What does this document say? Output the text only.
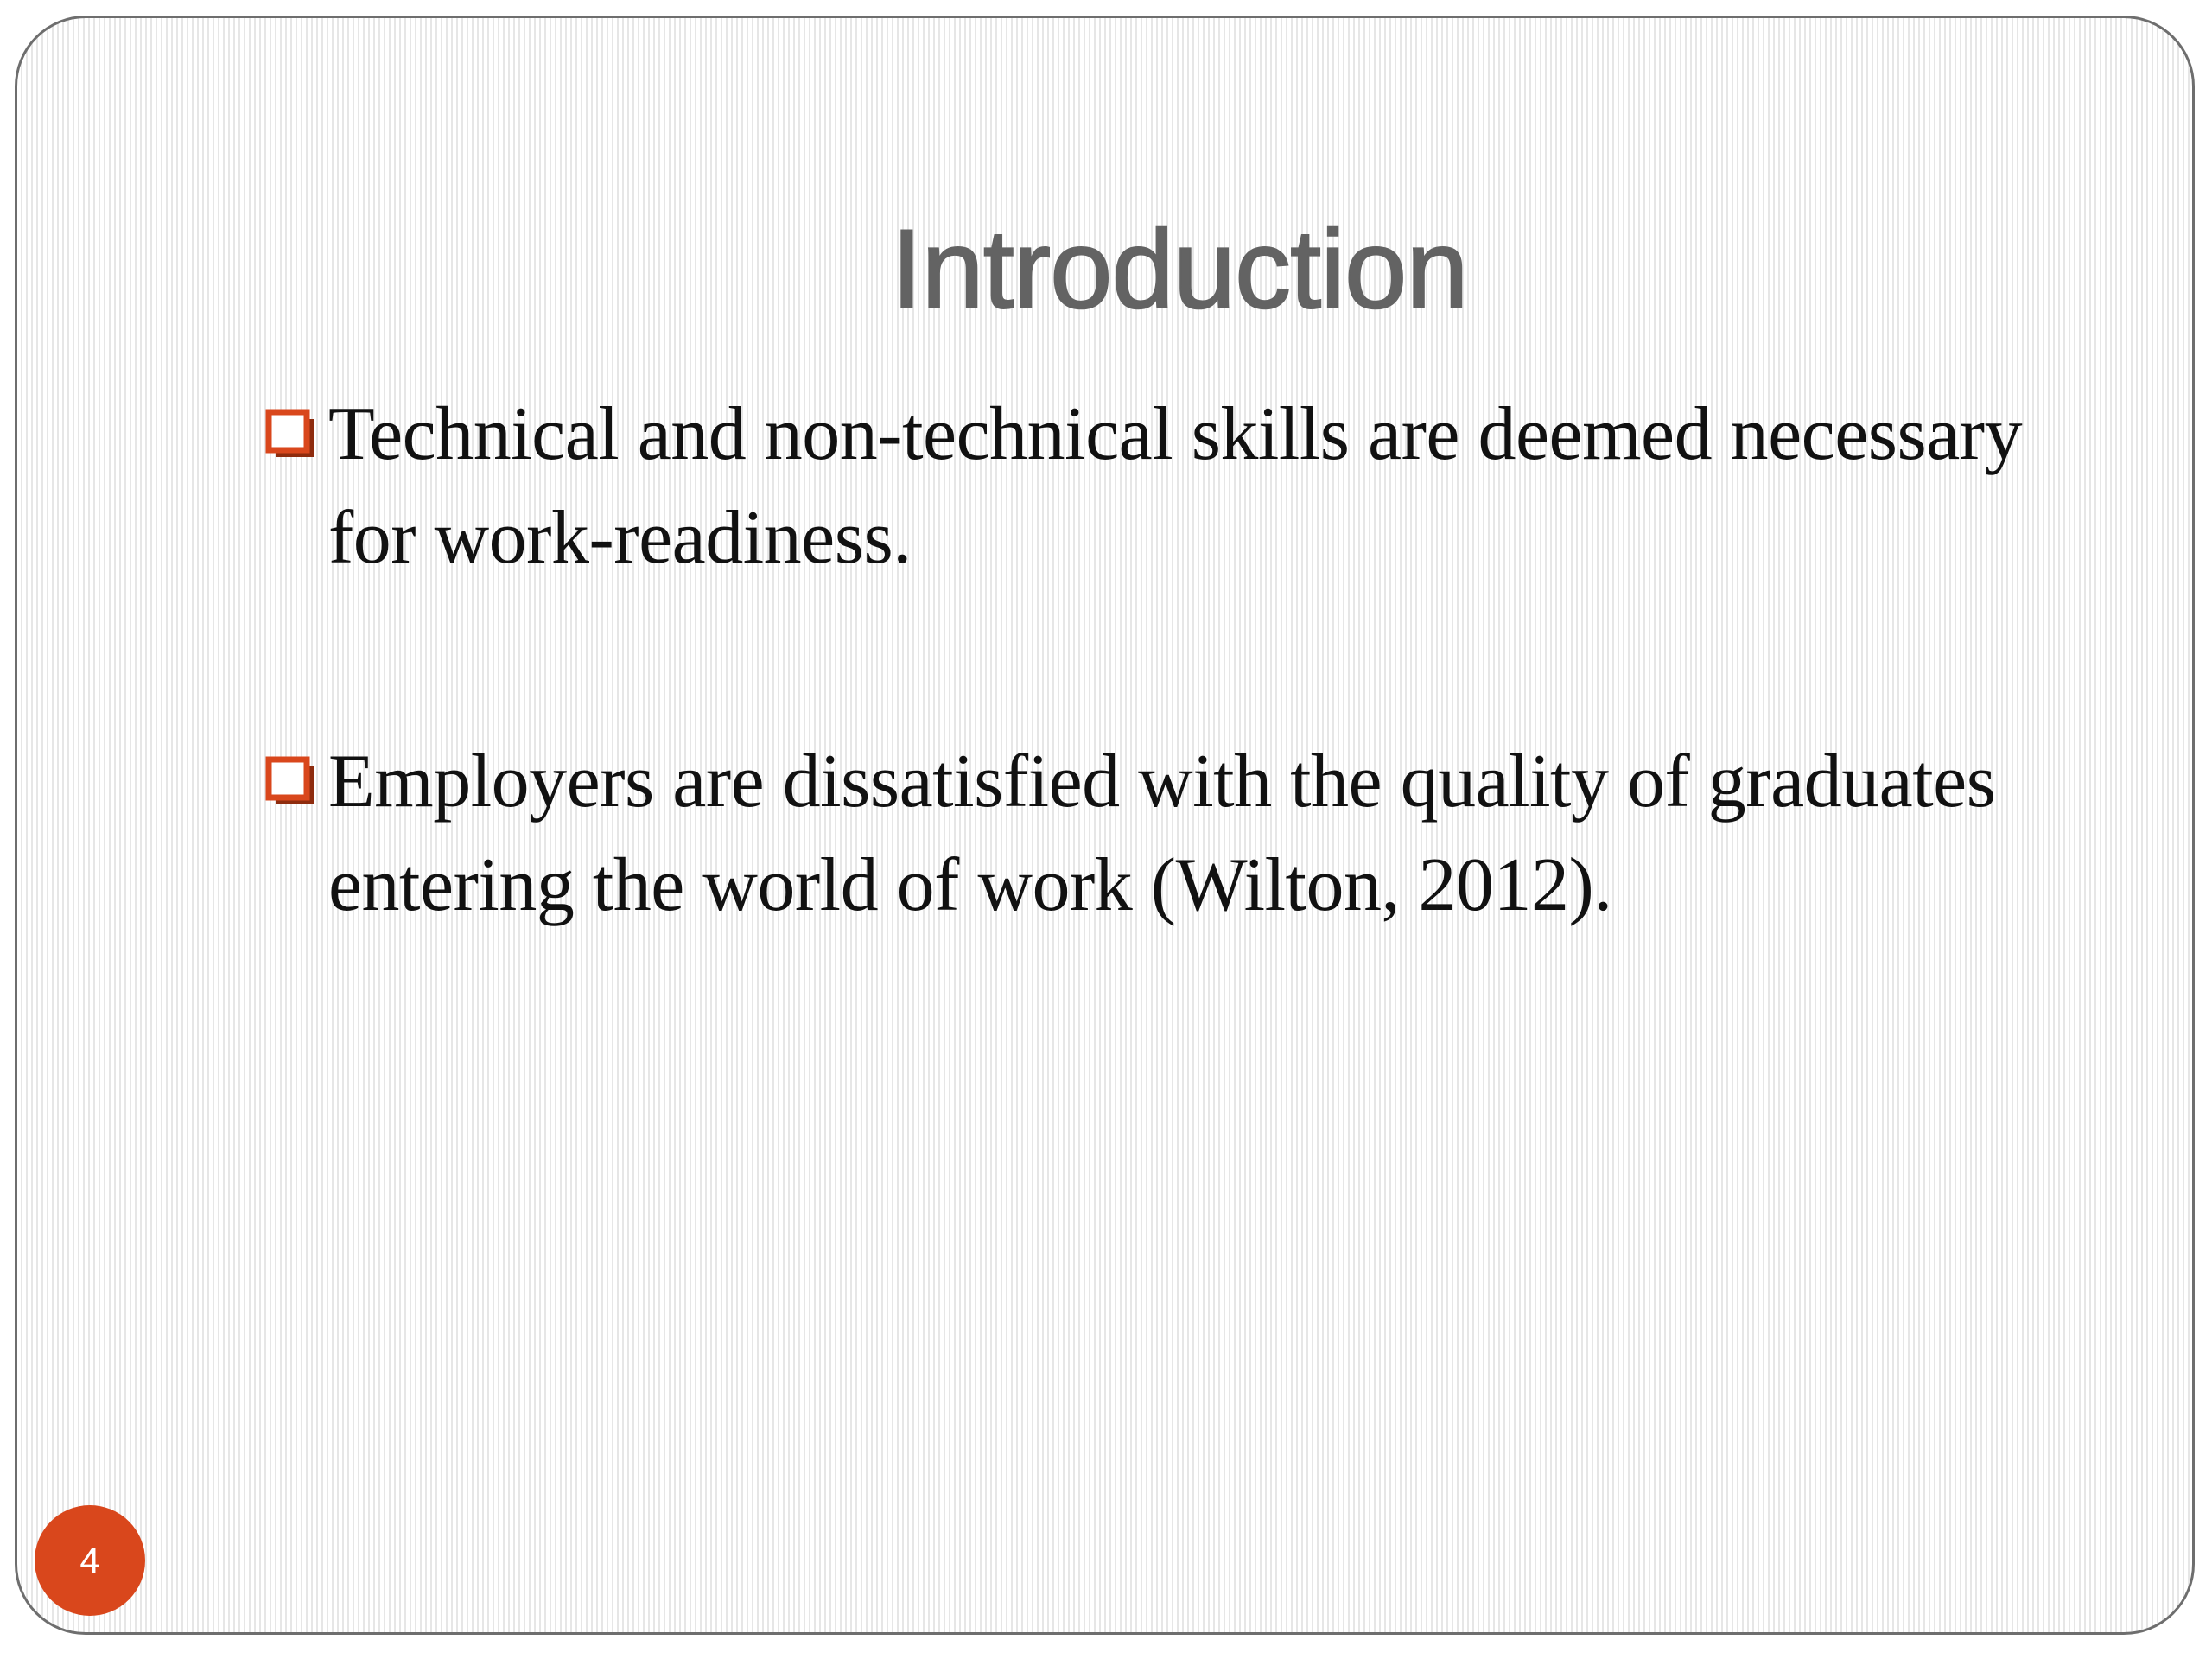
Introduction
Technical and non-technical skills are deemed necessary for work-readiness.
Employers are dissatisfied with the quality of graduates entering the world of work (Wilton, 2012).
4
